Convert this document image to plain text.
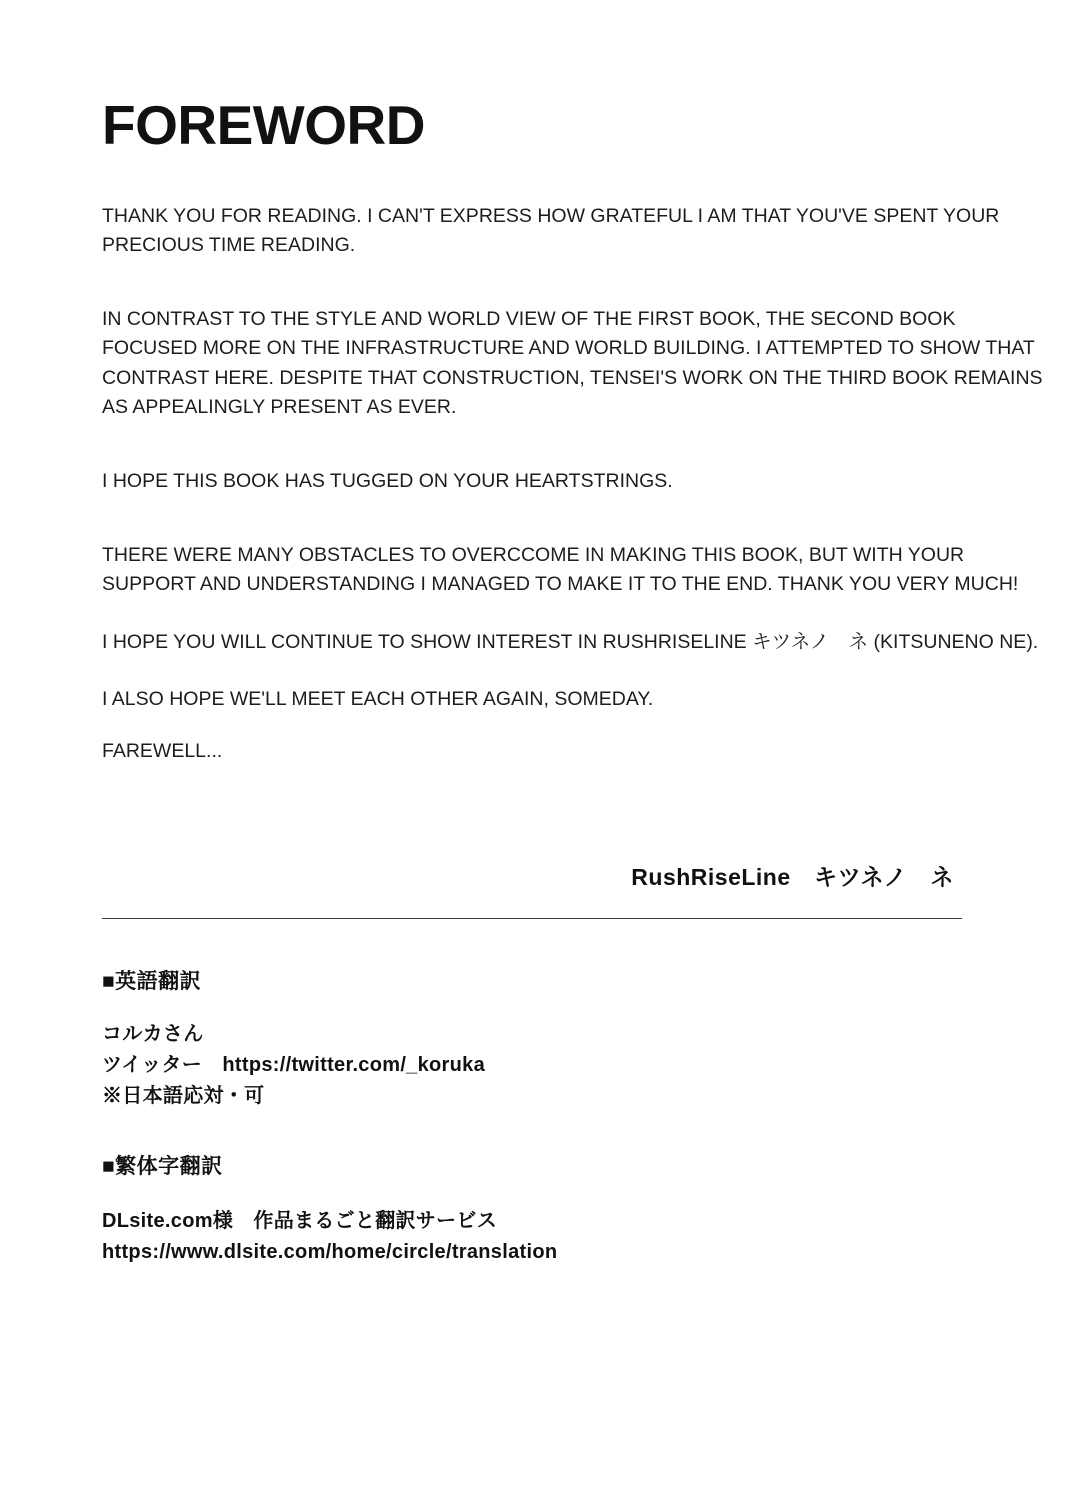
FOREWORD

THANK YOU FOR READING. I CAN'T EXPRESS HOW GRATEFUL I AM THAT YOU'VE SPENT YOUR PRECIOUS TIME READING.

IN CONTRAST TO THE STYLE AND WORLD VIEW OF THE FIRST BOOK, THE SECOND BOOK FOCUSED MORE ON THE INFRASTRUCTURE AND WORLD BUILDING. I ATTEMPTED TO SHOW THAT CONTRAST HERE. DESPITE THAT CONSTRUCTION, TENSEI'S WORK ON THE THIRD BOOK REMAINS AS APPEALINGLY PRESENT AS EVER.

I HOPE THIS BOOK HAS TUGGED ON YOUR HEARTSTRINGS.

THERE WERE MANY OBSTACLES TO OVERCCOME IN MAKING THIS BOOK, BUT WITH YOUR SUPPORT AND UNDERSTANDING I MANAGED TO MAKE IT TO THE END. THANK YOU VERY MUCH!

I HOPE YOU WILL CONTINUE TO SHOW INTEREST IN RUSHRISELINE キツネノ　ネ (KITSUNENO NE).

I ALSO HOPE WE'LL MEET EACH OTHER AGAIN, SOMEDAY.

FAREWELL...

RushRiseLine　キツネノ　ネ

■英語翻訳

コルカさん

ツイッター　https://twitter.com/_koruka

※日本語応対・可

■繁体字翻訳

DLsite.com様　作品まるごと翻訳サービス

https://www.dlsite.com/home/circle/translation
